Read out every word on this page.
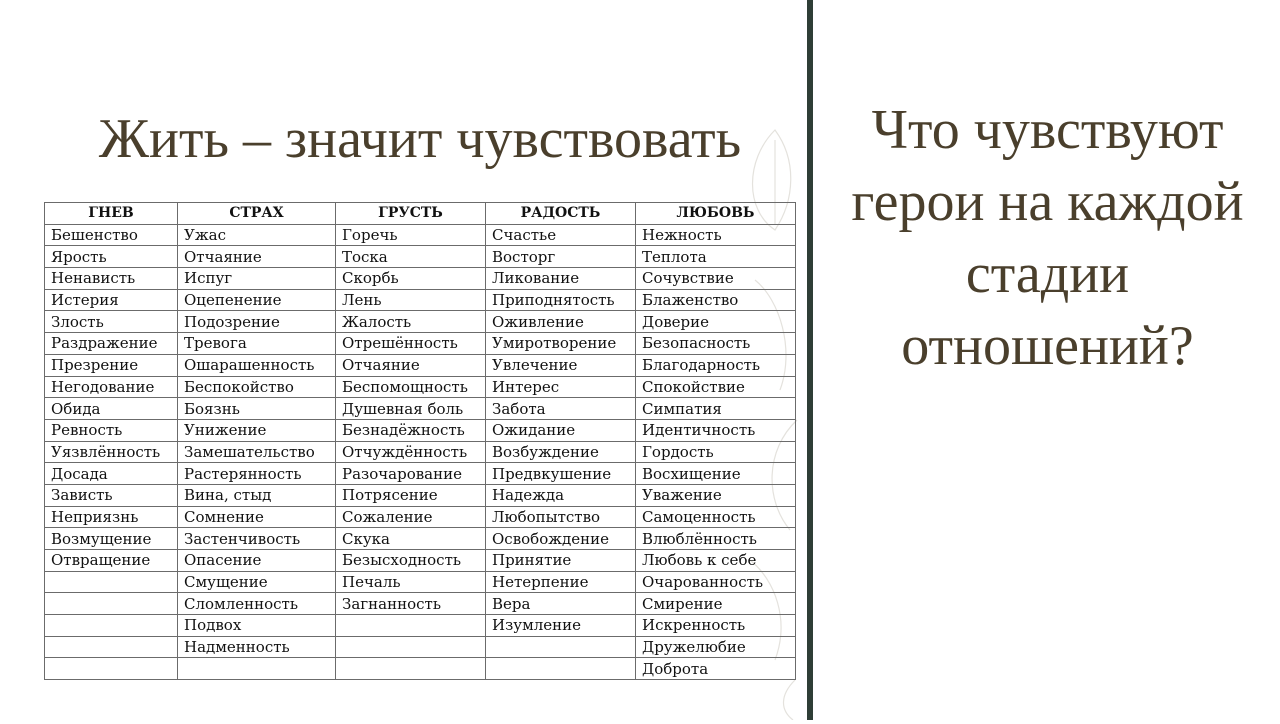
Жить – значит чувствовать	Что чувствуют герои на каждой стадии отношений?
ГНЕВ	СТРАХ	ГРУСТЬ	РАДОСТЬ	ЛЮБОВЬ
Бешенство	Ужас	Горечь	Счастье	Нежность
Ярость	Отчаяние	Тоска	Восторг	Теплота
Ненависть	Испуг	Скорбь	Ликование	Сочувствие
Истерия	Оцепенение	Лень	Приподнятость	Блаженство
Злость	Подозрение	Жалость	Оживление	Доверие
Раздражение	Тревога	Отрешённость	Умиротворение	Безопасность
Презрение	Ошарашенность	Отчаяние	Увлечение	Благодарность
Негодование	Беспокойство	Беспомощность	Интерес	Спокойствие
Обида	Боязнь	Душевная боль	Забота	Симпатия
Ревность	Унижение	Безнадёжность	Ожидание	Идентичность
Уязвлённость	Замешательство	Отчуждённость	Возбуждение	Гордость
Досада	Растерянность	Разочарование	Предвкушение	Восхищение
Зависть	Вина, стыд	Потрясение	Надежда	Уважение
Неприязнь	Сомнение	Сожаление	Любопытство	Самоценность
Возмущение	Застенчивость	Скука	Освобождение	Влюблённость
Отвращение	Опасение	Безысходность	Принятие	Любовь к себе
	Смущение	Печаль	Нетерпение	Очарованность
	Сломленность	Загнанность	Вера	Смирение
	Подвох		Изумление	Искренность
	Надменность			Дружелюбие
				Доброта
